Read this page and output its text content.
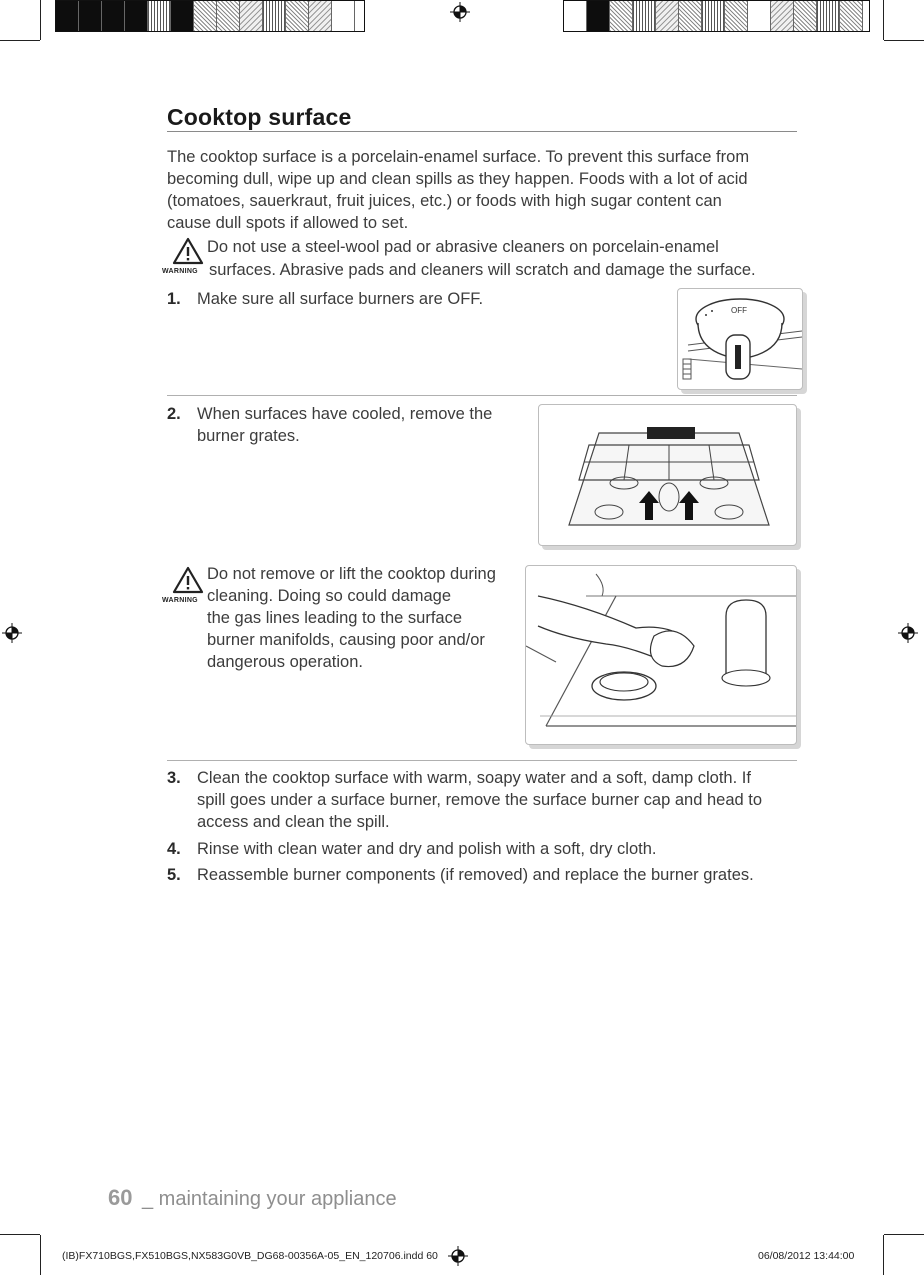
Cooktop surface
The cooktop surface is a porcelain-enamel surface. To prevent this surface from
becoming dull, wipe up and clean spills as they happen. Foods with a lot of acid
(tomatoes, sauerkraut, fruit juices, etc.) or foods with high sugar content can
cause dull spots if allowed to set.
WARNING
Do not use a steel-wool pad or abrasive cleaners on porcelain-enamel
surfaces. Abrasive pads and cleaners will scratch and damage the surface.
1. Make sure all surface burners are OFF.
OFF
2. When surfaces have cooled, remove the
burner grates.
WARNING
Do not remove or lift the cooktop during
cleaning. Doing so could damage
the gas lines leading to the surface
burner manifolds, causing poor and/or
dangerous operation.
3. Clean the cooktop surface with warm, soapy water and a soft, damp cloth. If
spill goes under a surface burner, remove the surface burner cap and head to
access and clean the spill.
4. Rinse with clean water and dry and polish with a soft, dry cloth.
5. Reassemble burner components (if removed) and replace the burner grates.
60 _ maintaining your appliance
(IB)FX710BGS,FX510BGS,NX583G0VB_DG68-00356A-05_EN_120706.indd 60	06/08/2012 13:44:00
